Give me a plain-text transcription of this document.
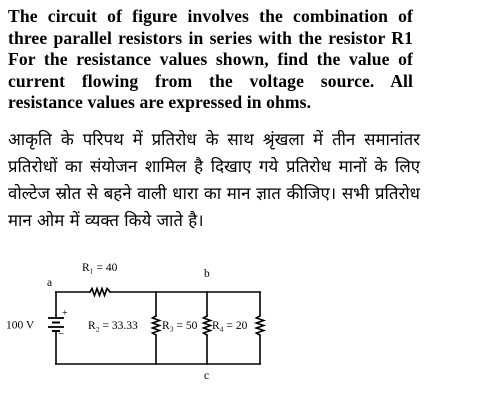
The circuit of figure involves the combination of three parallel resistors in series with the resistor R1 For the resistance values shown, find the value of current flowing from the voltage source. All resistance values are expressed in ohms.
आकृति के परिपथ में प्रतिरोध के साथ श्रृंखला में तीन समानांतर प्रतिरोधों का संयोजन शामिल है दिखाए गये प्रतिरोध मानों के लिए वोल्टेज स्रोत से बहने वाली धारा का मान ज्ञात कीजिए। सभी प्रतिरोध मान ओम में व्यक्त किये जाते है।
100 V
+
−
R₁ = 40
R₂ = 33.33 R₃ = 50 R₄ = 20
a
b
c
